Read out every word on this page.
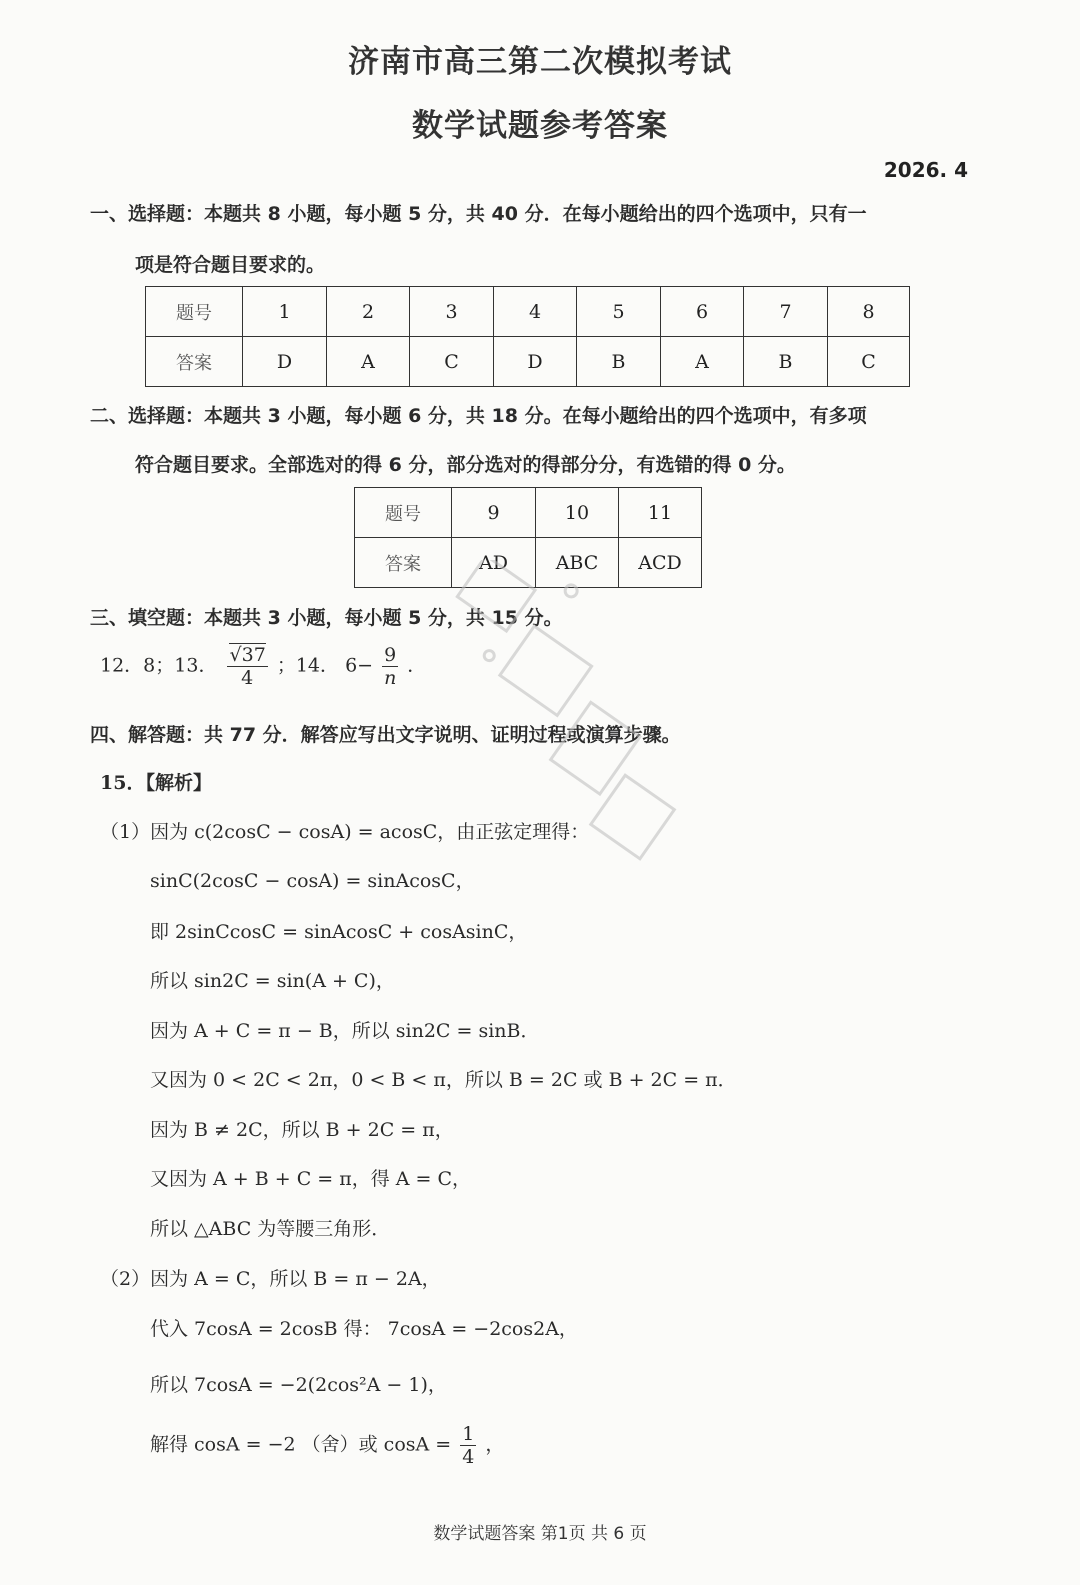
济南市高三第二次模拟考试
数学试题参考答案
2026. 4
一、选择题：本题共 8 小题，每小题 5 分，共 40 分．在每小题给出的四个选项中，只有一
项是符合题目要求的。
题号	1	2	3	4	5	6	7	8
答案	D	A	C	D	B	A	B	C
二、选择题：本题共 3 小题，每小题 6 分，共 18 分。在每小题给出的四个选项中，有多项
符合题目要求。全部选对的得 6 分，部分选对的得部分分，有选错的得 0 分。
题号	9	10	11
答案	AD	ABC	ACD
三、填空题：本题共 3 小题，每小题 5 分，共 15 分。
12．8；13． $\frac{√37}{4}$ ；14． $6- \frac{9}{n}$ ．
四、解答题：共 77 分．解答应写出文字说明、证明过程或演算步骤。
15．【解析】
（1）因为 c(2cosC − cosA) = acosC，由正弦定理得：
sinC(2cosC − cosA) = sinAcosC，
即 2sinCcosC = sinAcosC + cosAsinC，
所以 sin2C = sin(A + C)，
因为 A + C = π − B，所以 sin2C = sinB．
又因为 0 < 2C < 2π，0 < B < π，所以 B = 2C 或 B + 2C = π．
因为 B ≠ 2C，所以 B + 2C = π，
又因为 A + B + C = π，得 A = C，
所以 △ABC 为等腰三角形．
（2）因为 A = C，所以 B = π − 2A，
代入 7cosA = 2cosB 得： 7cosA = −2cos2A，
所以 7cosA = −2(2cos²A − 1)，
解得 cosA = −2 （舍）或 $\cos A = \frac{1}{4}$ ，
数学试题答案 第1页 共 6 页
